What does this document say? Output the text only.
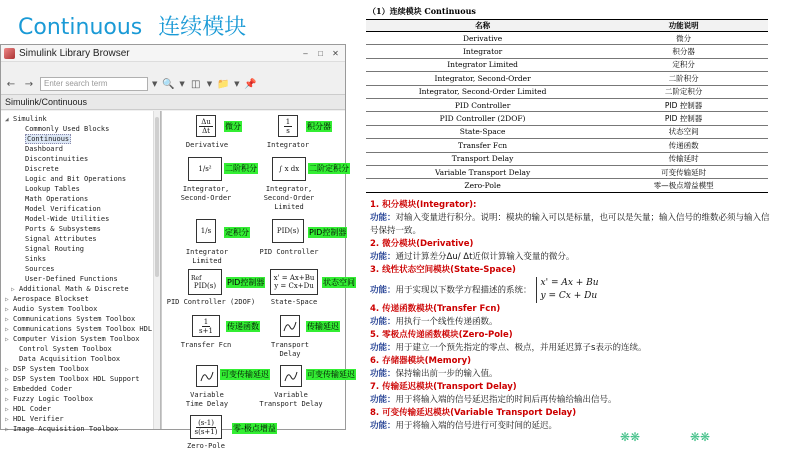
Continuous 连续模块
Simulink Library Browser	–	□	✕
← →	Enter search term	▼ 🔍 ▼ ◫ ▼ 📁 ▼ 📌
Simulink/Continuous
◢ Simulink
Commonly Used Blocks
Continuous
Dashboard
Discontinuities
Discrete
Logic and Bit Operations
Lookup Tables
Math Operations
Model Verification
Model-Wide Utilities
Ports & Subsystems
Signal Attributes
Signal Routing
Sinks
Sources
User-Defined Functions
▷ Additional Math & Discrete
▷ Aerospace Blockset
▷ Audio System Toolbox
▷ Communications System Toolbox
▷ Communications System Toolbox HDL
▷ Computer Vision System Toolbox
Control System Toolbox
Data Acquisition Toolbox
▷ DSP System Toolbox
▷ DSP System Toolbox HDL Support
▷ Embedded Coder
▷ Fuzzy Logic Toolbox
▷ HDL Coder
▷ HDL Verifier
▷ Image Acquisition Toolbox
$\frac{\Delta u}{\Delta t}$ 微分
Derivative
$\frac{1}{s}$ 积分器
Integrator
1/s² 二阶积分
Integrator,
Second-Order
∫ x dx 二阶定积分
Integrator,
Second-Order
Limited
1/s 定积分
Integrator
Limited
PID(s) PID控制器
PID Controller
Ref
PID(s) PID控制器
PID Controller (2DOF)
x' = Ax+Bu
y = Cx+Du 状态空间
State-Space
$\frac{1}{s+1}$ 传递函数
Transfer Fcn
传输延迟
Transport
Delay
可变传输延迟
Variable
Time Delay
可变传输延迟
Variable
Transport Delay
$\frac{(s-1)}{s(s+1)}$ 零-极点增益
Zero-Pole
（1）连续模块 Continuous
名称	功能说明
Derivative	微分
Integrator	积分器
Integrator Limited	定积分
Integrator, Second-Order	二阶积分
Integrator, Second-Order Limited	二阶定积分
PID Controller	PID 控制器
PID Controller (2DOF)	PID 控制器
State-Space	状态空间
Transfer Fcn	传递函数
Transport Delay	传输延时
Variable Transport Delay	可变传输延时
Zero-Pole	零—极点增益模型
1. 积分模块(Integrator):
功能：对输入变量进行积分。说明：模块的输入可以是标量，也可以是矢量；输入信号的维数必须与输入信号保持一致。
2. 微分模块(Derivative)
功能：通过计算差分Δu/ Δt近似计算输入变量的微分。
3. 线性状态空间模块(State-Space)
功能：用于实现以下数学方程描述的系统：
x' = Ax + Bu
y = Cx + Du
4. 传递函数模块(Transfer Fcn)
功能：用执行一个线性传递函数。
5. 零极点传递函数模块(Zero-Pole)
功能：用于建立一个预先指定的零点、极点，并用延迟算子s表示的连续。
6. 存储器模块(Memory)
功能：保持输出前一步的输入值。
7. 传输延迟模块(Transport Delay)
功能：用于将输入端的信号延迟指定的时间后再传输给输出信号。
8. 可变传输延迟模块(Variable Transport Delay)
功能：用于将输入端的信号进行可变时间的延迟。
❋❋	❋❋
